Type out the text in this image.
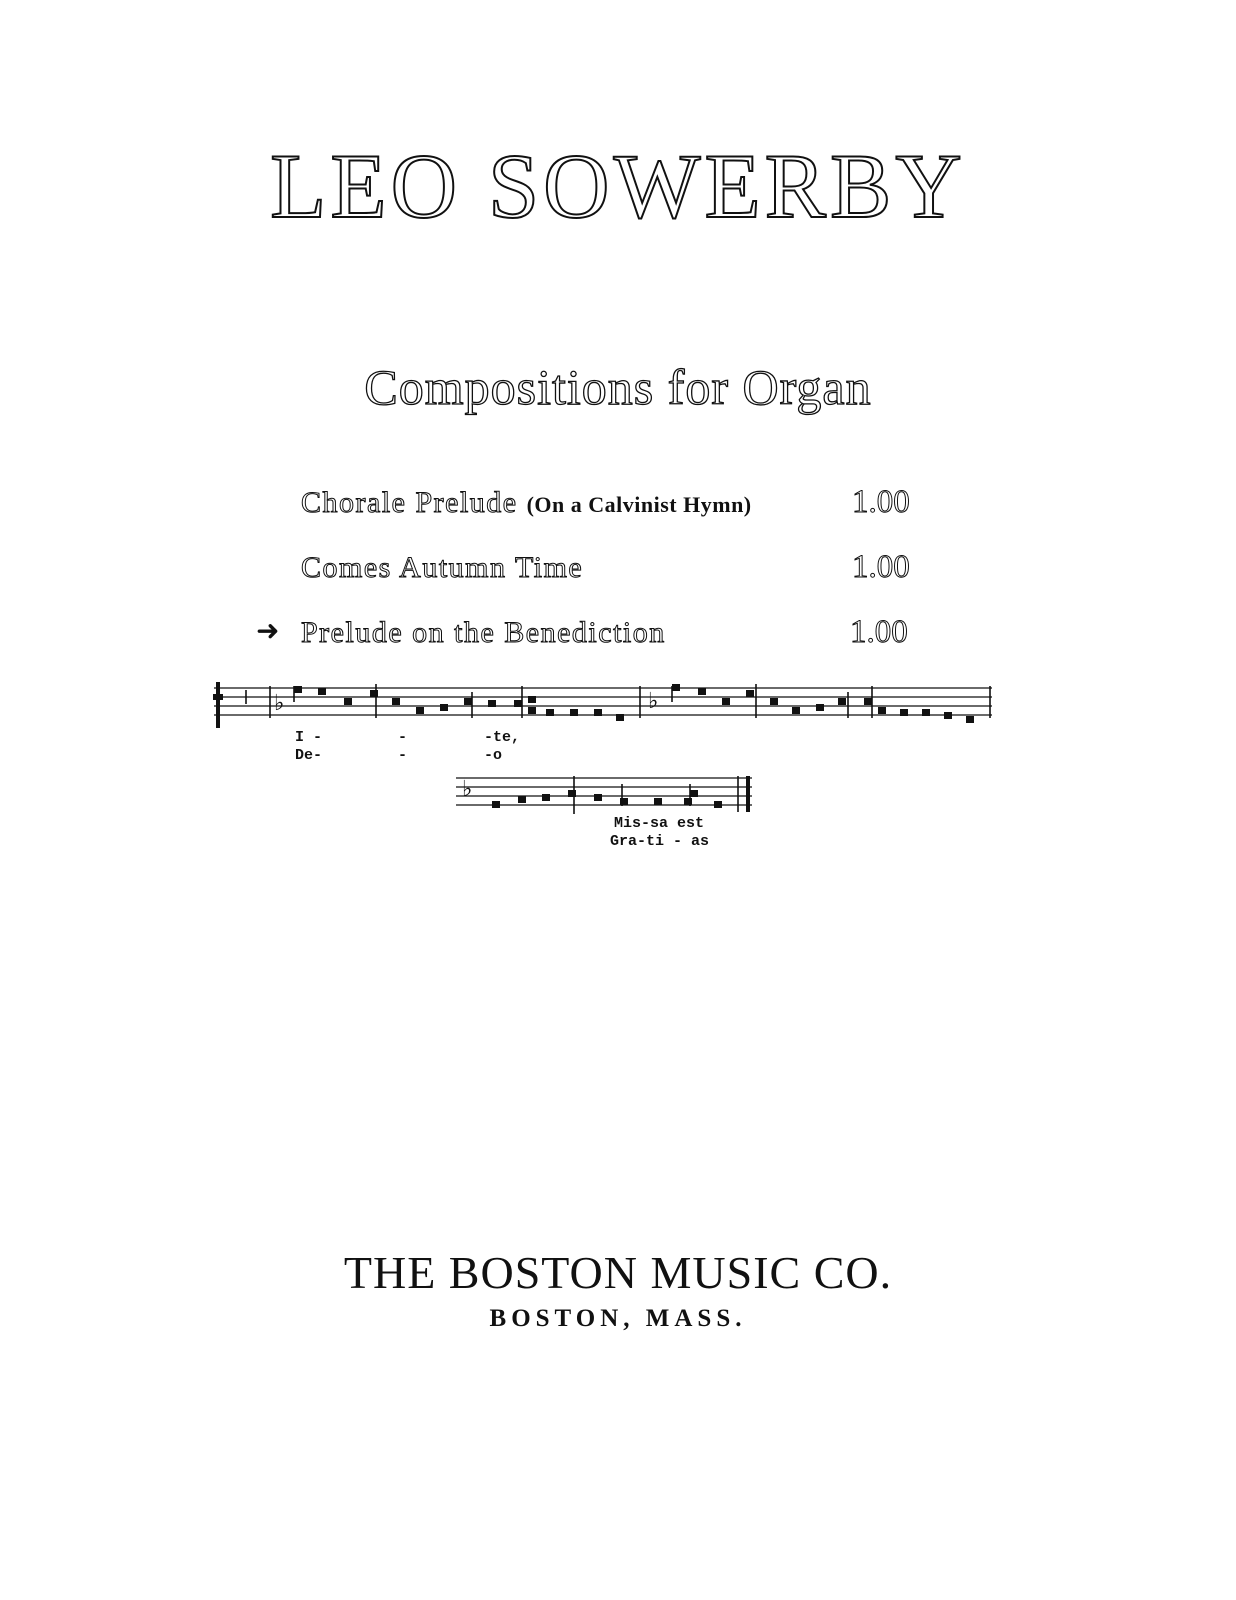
LEO SOWERBY
Compositions for Organ
Chorale Prelude (On a Calvinist Hymn)	1.00
Comes Autumn Time	1.00
➜ Prelude on the Benediction	1.00
♭	♭
I -	-	-te,
De-	-	-o
♭
Mis-sa est
Gra-ti - as
THE BOSTON MUSIC CO.
BOSTON, MASS.
